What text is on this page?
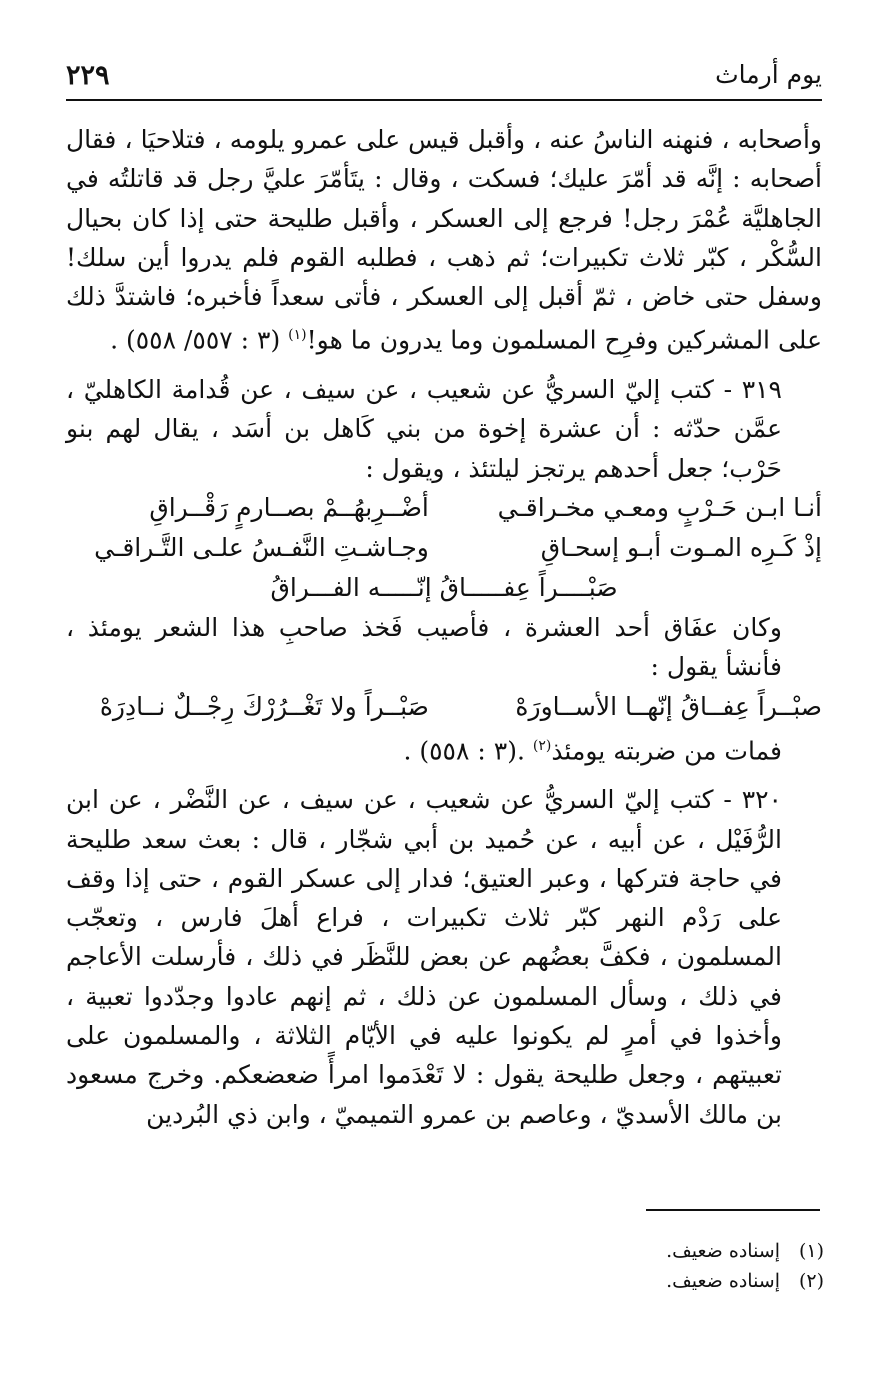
يوم أرماث
٢٢٩

وأصحابه ، فنهنه الناسُ عنه ، وأقبل قيس على عمرو يلومه ، فتلاحيَا ، فقال أصحابه : إنَّه قد أمّرَ عليك؛ فسكت ، وقال : يتَأمّرَ عليَّ رجل قد قاتلتُه في الجاهليَّة عُمْرَ رجل! فرجع إلى العسكر ، وأقبل طليحة حتى إذا كان بحيال السُّكْر ، كبّر ثلاث تكبيرات؛ ثم ذهب ، فطلبه القوم فلم يدروا أين سلك! وسفل حتى خاض ، ثمّ أقبل إلى العسكر ، فأتى سعداً فأخبره؛ فاشتدَّ ذلك على المشركين وفرِح المسلمون وما يدرون ما هو!$^{(١)}$ (٣ : ٥٥٧/ ٥٥٨) .

٣١٩ - كتب إليّ السريُّ عن شعيب ، عن سيف ، عن قُدامة الكاهليّ ، عمَّن حدّثه : أن عشرة إخوة من بني كَاهل بن أسَد ، يقال لهم بنو حَرْب؛ جعل أحدهم يرتجز ليلتئذ ، ويقول :

أنـا ابـن حَـرْبٍ ومعـي مخـراقـي
أضْــرِبهُــمْ بصــارمٍ رَقْــراقِ
إذْ كَـرِه المـوت أبـو إسحـاقِ
وجـاشـتِ النَّفـسُ علـى التَّـراقـي
صَبْــــراً عِفـــــاقُ إنّـــــه الفـــراقُ

وكان عفَاق أحد العشرة ، فأصيب فَخذ صاحبِ هذا الشعر يومئذ ، فأنشأ يقول :

صبْــراً عِفــاقُ إنّهــا الأســاورَهْ
صَبْــراً ولا تَغْــرُرْكَ رِجْــلٌ نــادِرَهْ

فمات من ضربته يومئذ$^{(٢)}$ .(٣ : ٥٥٨) .

٣٢٠ - كتب إليّ السريُّ عن شعيب ، عن سيف ، عن النَّضْر ، عن ابن الرُّفَيْل ، عن أبيه ، عن حُميد بن أبي شجّار ، قال : بعث سعد طليحة في حاجة فتركها ، وعبر العتيق؛ فدار إلى عسكر القوم ، حتى إذا وقف على رَدْم النهر كبّر ثلاث تكبيرات ، فراع أهلَ فارس ، وتعجّب المسلمون ، فكفَّ بعضُهم عن بعض للنَّظَر في ذلك ، فأرسلت الأعاجم في ذلك ، وسأل المسلمون عن ذلك ، ثم إنهم عادوا وجدّدوا تعبية ، وأخذوا في أمرٍ لم يكونوا عليه في الأيّام الثلاثة ، والمسلمون على تعبيتهم ، وجعل طليحة يقول : لا تَعْدَموا امرأً ضعضعكم. وخرج مسعود بن مالك الأسديّ ، وعاصم بن عمرو التميميّ ، وابن ذي البُردين

(١)
إسناده ضعيف.
(٢)
إسناده ضعيف.
